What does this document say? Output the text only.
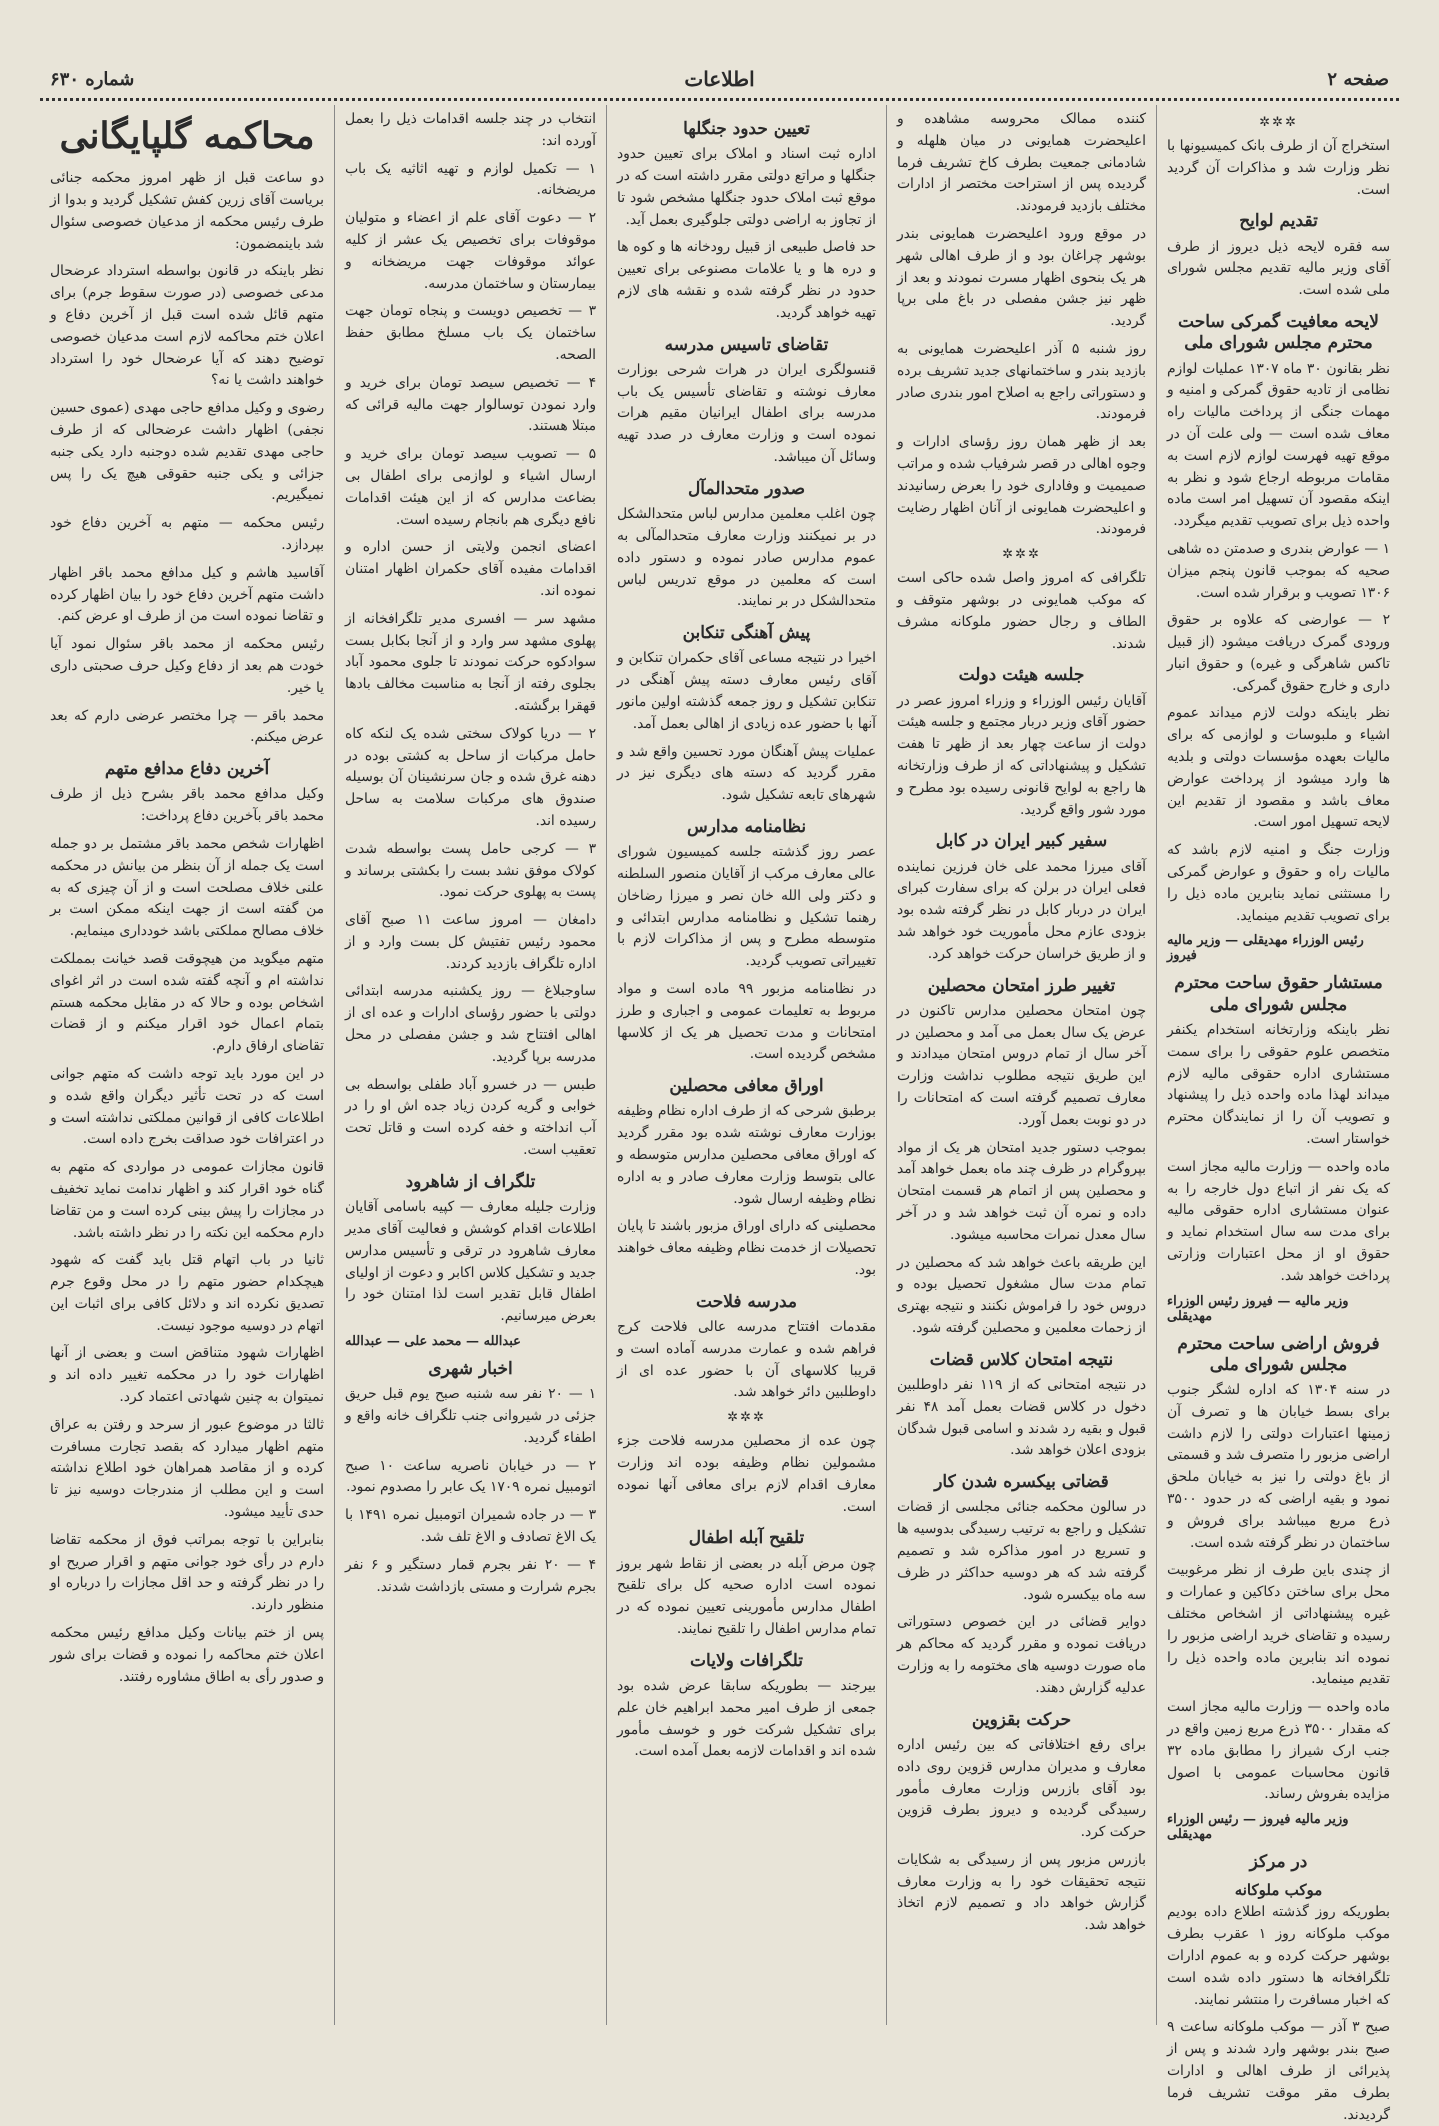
صفحه ۲
اطلاعات
شماره ۶۳۰
✲✲✲

استخراج آن از طرف بانک کمیسیونها با نظر وزارت شد و مذاکرات آن گردید است.

تقدیم لوایح

سه فقره لایحه ذیل دیروز از طرف آقای وزیر مالیه تقدیم مجلس شورای ملی شده است.

لایحه معافیت گمرکی ساحت محترم مجلس شورای ملی

نظر بقانون ۳۰ ماه ۱۳۰۷ عملیات لوازم نظامی از تادیه حقوق گمرکی و امنیه و مهمات جنگی از پرداخت مالیات راه معاف شده است — ولی علت آن در موقع تهیه فهرست لوازم لازم است به مقامات مربوطه ارجاع شود و نظر به اینکه مقصود آن تسهیل امر است ماده واحده ذیل برای تصویب تقدیم میگردد.

۱ — عوارض بندری و صدمتن ده شاهی صحیه که بموجب قانون پنجم میزان ۱۳۰۶ تصویب و برقرار شده است.

۲ — عوارضی که علاوه بر حقوق ورودی گمرک دریافت میشود (از قبیل تاکس شاهرگی و غیره) و حقوق انبار داری و خارج حقوق گمرکی.

نظر باینکه دولت لازم میداند عموم اشیاء و ملبوسات و لوازمی که برای مالیات بعهده مؤسسات دولتی و بلدیه ها وارد میشود از پرداخت عوارض معاف باشد و مقصود از تقدیم این لایحه تسهیل امور است.

وزارت جنگ و امنیه لازم باشد که مالیات راه و حقوق و عوارض گمرکی را مستثنی نماید بنابرین ماده ذیل را برای تصویب تقدیم مینماید.

رئیس الوزراء مهدیقلی — وزیر مالیه فیروز
مستشار حقوق ساحت محترم مجلس شورای ملی

نظر باینکه وزارتخانه استخدام یکنفر متخصص علوم حقوقی را برای سمت مستشاری اداره حقوقی مالیه لازم میداند لهذا ماده واحده ذیل را پیشنهاد و تصویب آن را از نمایندگان محترم خواستار است.

ماده واحده — وزارت مالیه مجاز است که یک نفر از اتباع دول خارجه را به عنوان مستشاری اداره حقوقی مالیه برای مدت سه سال استخدام نماید و حقوق او از محل اعتبارات وزارتی پرداخت خواهد شد.

وزیر مالیه — فیروز رئیس الوزراء مهدیقلی
فروش اراضی ساحت محترم مجلس شورای ملی

در سنه ۱۳۰۴ که اداره لشگر جنوب برای بسط خیابان ها و تصرف آن زمینها اعتبارات دولتی را لازم داشت اراضی مزبور را متصرف شد و قسمتی از باغ دولتی را نیز به خیابان ملحق نمود و بقیه اراضی که در حدود ۳۵۰۰ ذرع مربع میباشد برای فروش و ساختمان در نظر گرفته شده است.

از چندی باین طرف از نظر مرغوبیت محل برای ساختن دکاکین و عمارات و غیره پیشنهاداتی از اشخاص مختلف رسیده و تقاضای خرید اراضی مزبور را نموده اند بنابرین ماده واحده ذیل را تقدیم مینماید.

ماده واحده — وزارت مالیه مجاز است که مقدار ۳۵۰۰ ذرع مربع زمین واقع در جنب ارک شیراز را مطابق ماده ۳۲ قانون محاسبات عمومی با اصول مزایده بفروش رساند.

وزیر مالیه فیروز — رئیس الوزراء مهدیقلی
در مرکز
موکب ملوکانه

بطوریکه روز گذشته اطلاع داده بودیم موکب ملوکانه روز ۱ عقرب بطرف بوشهر حرکت کرده و به عموم ادارات تلگرافخانه ها دستور داده شده است که اخبار مسافرت را منتشر نمایند.

صبح ۳ آذر — موکب ملوکانه ساعت ۹ صبح بندر بوشهر وارد شدند و پس از پذیرائی از طرف اهالی و ادارات بطرف مقر موقت تشریف فرما گردیدند.

کننده ممالک محروسه مشاهده و اعلیحضرت همایونی در میان هلهله و شادمانی جمعیت بطرف کاخ تشریف فرما گردیده پس از استراحت مختصر از ادارات مختلف بازدید فرمودند.

در موقع ورود اعلیحضرت همایونی بندر بوشهر چراغان بود و از طرف اهالی شهر هر یک بنحوی اظهار مسرت نمودند و بعد از ظهر نیز جشن مفصلی در باغ ملی برپا گردید.

روز شنبه ۵ آذر اعلیحضرت همایونی به بازدید بندر و ساختمانهای جدید تشریف برده و دستوراتی راجع به اصلاح امور بندری صادر فرمودند.

بعد از ظهر همان روز رؤسای ادارات و وجوه اهالی در قصر شرفیاب شده و مراتب صمیمیت و وفاداری خود را بعرض رسانیدند و اعلیحضرت همایونی از آنان اظهار رضایت فرمودند.

✲✲✲

تلگرافی که امروز واصل شده حاکی است که موکب همایونی در بوشهر متوقف و الطاف و رجال حضور ملوکانه مشرف شدند.

جلسه هیئت دولت

آقایان رئیس الوزراء و وزراء امروز عصر در حضور آقای وزیر دربار مجتمع و جلسه هیئت دولت از ساعت چهار بعد از ظهر تا هفت تشکیل و پیشنهاداتی که از طرف وزارتخانه ها راجع به لوایح قانونی رسیده بود مطرح و مورد شور واقع گردید.

سفیر کبیر ایران در کابل

آقای میرزا محمد علی خان فرزین نماینده فعلی ایران در برلن که برای سفارت کبرای ایران در دربار کابل در نظر گرفته شده بود بزودی عازم محل مأموریت خود خواهد شد و از طریق خراسان حرکت خواهد کرد.

تغییر طرز امتحان محصلین

چون امتحان محصلین مدارس تاکنون در عرض یک سال بعمل می آمد و محصلین در آخر سال از تمام دروس امتحان میدادند و این طریق نتیجه مطلوب نداشت وزارت معارف تصمیم گرفته است که امتحانات را در دو نوبت بعمل آورد.

بموجب دستور جدید امتحان هر یک از مواد بپروگرام در ظرف چند ماه بعمل خواهد آمد و محصلین پس از اتمام هر قسمت امتحان داده و نمره آن ثبت خواهد شد و در آخر سال معدل نمرات محاسبه میشود.

این طریقه باعث خواهد شد که محصلین در تمام مدت سال مشغول تحصیل بوده و دروس خود را فراموش نکنند و نتیجه بهتری از زحمات معلمین و محصلین گرفته شود.

نتیجه امتحان کلاس قضات

در نتیجه امتحانی که از ۱۱۹ نفر داوطلبین دخول در کلاس قضات بعمل آمد ۴۸ نفر قبول و بقیه رد شدند و اسامی قبول شدگان بزودی اعلان خواهد شد.

قضاتی بیکسره شدن کار

در سالون محکمه جنائی مجلسی از قضات تشکیل و راجع به ترتیب رسیدگی بدوسیه ها و تسریع در امور مذاکره شد و تصمیم گرفته شد که هر دوسیه حداکثر در ظرف سه ماه بیکسره شود.

دوایر قضائی در این خصوص دستوراتی دریافت نموده و مقرر گردید که محاکم هر ماه صورت دوسیه های مختومه را به وزارت عدلیه گزارش دهند.

حرکت بقزوین

برای رفع اختلافاتی که بین رئیس اداره معارف و مدیران مدارس قزوین روی داده بود آقای بازرس وزارت معارف مأمور رسیدگی گردیده و دیروز بطرف قزوین حرکت کرد.

بازرس مزبور پس از رسیدگی به شکایات نتیجه تحقیقات خود را به وزارت معارف گزارش خواهد داد و تصمیم لازم اتخاذ خواهد شد.

تعیین حدود جنگلها

اداره ثبت اسناد و املاک برای تعیین حدود جنگلها و مراتع دولتی مقرر داشته است که در موقع ثبت املاک حدود جنگلها مشخص شود تا از تجاوز به اراضی دولتی جلوگیری بعمل آید.

حد فاصل طبیعی از قبیل رودخانه ها و کوه ها و دره ها و یا علامات مصنوعی برای تعیین حدود در نظر گرفته شده و نقشه های لازم تهیه خواهد گردید.

تقاضای تاسیس مدرسه

قنسولگری ایران در هرات شرحی بوزارت معارف نوشته و تقاضای تأسیس یک باب مدرسه برای اطفال ایرانیان مقیم هرات نموده است و وزارت معارف در صدد تهیه وسائل آن میباشد.

صدور متحدالمآل

چون اغلب معلمین مدارس لباس متحدالشکل در بر نمیکنند وزارت معارف متحدالمآلی به عموم مدارس صادر نموده و دستور داده است که معلمین در موقع تدریس لباس متحدالشکل در بر نمایند.

پیش آهنگی تنکابن

اخیرا در نتیجه مساعی آقای حکمران تنکابن و آقای رئیس معارف دسته پیش آهنگی در تنکابن تشکیل و روز جمعه گذشته اولین مانور آنها با حضور عده زیادی از اهالی بعمل آمد.

عملیات پیش آهنگان مورد تحسین واقع شد و مقرر گردید که دسته های دیگری نیز در شهرهای تابعه تشکیل شود.

نظامنامه مدارس

عصر روز گذشته جلسه کمیسیون شورای عالی معارف مرکب از آقایان منصور السلطنه و دکتر ولی الله خان نصر و میرزا رضاخان رهنما تشکیل و نظامنامه مدارس ابتدائی و متوسطه مطرح و پس از مذاکرات لازم با تغییراتی تصویب گردید.

در نظامنامه مزبور ۹۹ ماده است و مواد مربوط به تعلیمات عمومی و اجباری و طرز امتحانات و مدت تحصیل هر یک از کلاسها مشخص گردیده است.

اوراق معافی محصلین

برطبق شرحی که از طرف اداره نظام وظیفه بوزارت معارف نوشته شده بود مقرر گردید که اوراق معافی محصلین مدارس متوسطه و عالی بتوسط وزارت معارف صادر و به اداره نظام وظیفه ارسال شود.

محصلینی که دارای اوراق مزبور باشند تا پایان تحصیلات از خدمت نظام وظیفه معاف خواهند بود.

مدرسه فلاحت

مقدمات افتتاح مدرسه عالی فلاحت کرج فراهم شده و عمارت مدرسه آماده است و قریبا کلاسهای آن با حضور عده ای از داوطلبین دائر خواهد شد.

✲✲✲

چون عده از محصلین مدرسه فلاحت جزء مشمولین نظام وظیفه بوده اند وزارت معارف اقدام لازم برای معافی آنها نموده است.

تلقیح آبله اطفال

چون مرض آبله در بعضی از نقاط شهر بروز نموده است اداره صحیه کل برای تلقیح اطفال مدارس مأمورینی تعیین نموده که در تمام مدارس اطفال را تلقیح نمایند.

تلگرافات ولایات

بیرجند — بطوریکه سابقا عرض شده بود جمعی از طرف امیر محمد ابراهیم خان علم برای تشکیل شرکت خور و خوسف مأمور شده اند و اقدامات لازمه بعمل آمده است.

انتخاب در چند جلسه اقدامات ذیل را بعمل آورده اند:

۱ — تکمیل لوازم و تهیه اثاثیه یک باب مریضخانه.

۲ — دعوت آقای علم از اعضاء و متولیان موقوفات برای تخصیص یک عشر از کلیه عوائد موقوفات جهت مریضخانه و بیمارستان و ساختمان مدرسه.

۳ — تخصیص دویست و پنجاه تومان جهت ساختمان یک باب مسلخ مطابق حفظ الصحه.

۴ — تخصیص سیصد تومان برای خرید و وارد نمودن توسالوار جهت مالیه قرائی که مبتلا هستند.

۵ — تصویب سیصد تومان برای خرید و ارسال اشیاء و لوازمی برای اطفال بی بضاعت مدارس که از این هیئت اقدامات نافع دیگری هم بانجام رسیده است.

اعضای انجمن ولایتی از حسن اداره و اقدامات مفیده آقای حکمران اظهار امتنان نموده اند.

مشهد سر — افسری مدیر تلگرافخانه از پهلوی مشهد سر وارد و از آنجا بکابل بست سوادکوه حرکت نمودند تا جلوی محمود آباد بجلوی رفته از آنجا به مناسبت مخالف بادها قهقرا برگشته.

۲ — دریا کولاک سختی شده یک لنکه کاه حامل مرکبات از ساحل به کشتی بوده در دهنه غرق شده و جان سرنشینان آن بوسیله صندوق های مرکبات سلامت به ساحل رسیده اند.

۳ — کرجی حامل پست بواسطه شدت کولاک موفق نشد بست را بکشتی برساند و پست به پهلوی حرکت نمود.

دامغان — امروز ساعت ۱۱ صبح آقای محمود رئیس تفتیش کل بست وارد و از اداره تلگراف بازدید کردند.

ساوجبلاغ — روز یکشنبه مدرسه ابتدائی دولتی با حضور رؤسای ادارات و عده ای از اهالی افتتاح شد و جشن مفصلی در محل مدرسه برپا گردید.

طبس — در خسرو آباد طفلی بواسطه بی خوابی و گریه کردن زیاد جده اش او را در آب انداخته و خفه کرده است و قاتل تحت تعقیب است.

تلگراف از شاهرود

وزارت جلیله معارف — کپیه باسامی آقایان اطلاعات اقدام کوشش و فعالیت آقای مدیر معارف شاهرود در ترقی و تأسیس مدارس جدید و تشکیل کلاس اکابر و دعوت از اولیای اطفال قابل تقدیر است لذا امتنان خود را بعرض میرسانیم.

عبدالله — محمد علی — عبدالله
اخبار شهری

۱ — ۲۰ نفر سه شنبه صبح یوم قبل حریق جزئی در شیروانی جنب تلگراف خانه واقع و اطفاء گردید.

۲ — در خیابان ناصریه ساعت ۱۰ صبح اتومبیل نمره ۱۷۰۹ یک عابر را مصدوم نمود.

۳ — در جاده شمیران اتومبیل نمره ۱۴۹۱ با یک الاغ تصادف و الاغ تلف شد.

۴ — ۲۰ نفر بجرم قمار دستگیر و ۶ نفر بجرم شرارت و مستی بازداشت شدند.

محاکمه گلپایگانی

دو ساعت قبل از ظهر امروز محکمه جنائی بریاست آقای زرین کفش تشکیل گردید و بدوا از طرف رئیس محکمه از مدعیان خصوصی سئوال شد باینمضمون:

نظر باینکه در قانون بواسطه استرداد عرضحال مدعی خصوصی (در صورت سقوط جرم) برای متهم قائل شده است قبل از آخرین دفاع و اعلان ختم محاکمه لازم است مدعیان خصوصی توضیح دهند که آیا عرضحال خود را استرداد خواهند داشت یا نه؟

رضوی و وکیل مدافع حاجی مهدی (عموی حسین نجفی) اظهار داشت عرضحالی که از طرف حاجی مهدی تقدیم شده دوجنبه دارد یکی جنبه جزائی و یکی جنبه حقوقی هیچ یک را پس نمیگیریم.

رئیس محکمه — متهم به آخرین دفاع خود بپردازد.

آقاسید هاشم و کیل مدافع محمد باقر اظهار داشت متهم آخرین دفاع خود را بیان اظهار کرده و تقاضا نموده است من از طرف او عرض کنم.

رئیس محکمه از محمد باقر سئوال نمود آیا خودت هم بعد از دفاع وکیل حرف صحبتی داری یا خیر.

محمد باقر — چرا مختصر عرضی دارم که بعد عرض میکنم.

آخرین دفاع مدافع متهم

وکیل مدافع محمد باقر بشرح ذیل از طرف محمد باقر بآخرین دفاع پرداخت:

اظهارات شخص محمد باقر مشتمل بر دو جمله است یک جمله از آن بنظر من بیانش در محکمه علنی خلاف مصلحت است و از آن چیزی که به من گفته است از جهت اینکه ممکن است بر خلاف مصالح مملکتی باشد خودداری مینمایم.

متهم میگوید من هیچوقت قصد خیانت بمملکت نداشته ام و آنچه گفته شده است در اثر اغوای اشخاص بوده و حالا که در مقابل محکمه هستم بتمام اعمال خود اقرار میکنم و از قضات تقاضای ارفاق دارم.

در این مورد باید توجه داشت که متهم جوانی است که در تحت تأثیر دیگران واقع شده و اطلاعات کافی از قوانین مملکتی نداشته است و در اعترافات خود صداقت بخرج داده است.

قانون مجازات عمومی در مواردی که متهم به گناه خود اقرار کند و اظهار ندامت نماید تخفیف در مجازات را پیش بینی کرده است و من تقاضا دارم محکمه این نکته را در نظر داشته باشد.

ثانیا در باب اتهام قتل باید گفت که شهود هیچکدام حضور متهم را در محل وقوع جرم تصدیق نکرده اند و دلائل کافی برای اثبات این اتهام در دوسیه موجود نیست.

اظهارات شهود متناقض است و بعضی از آنها اظهارات خود را در محکمه تغییر داده اند و نمیتوان به چنین شهادتی اعتماد کرد.

ثالثا در موضوع عبور از سرحد و رفتن به عراق متهم اظهار میدارد که بقصد تجارت مسافرت کرده و از مقاصد همراهان خود اطلاع نداشته است و این مطلب از مندرجات دوسیه نیز تا حدی تأیید میشود.

بنابراین با توجه بمراتب فوق از محکمه تقاضا دارم در رأی خود جوانی متهم و اقرار صریح او را در نظر گرفته و حد اقل مجازات را درباره او منظور دارند.

پس از ختم بیانات وکیل مدافع رئیس محکمه اعلان ختم محاکمه را نموده و قضات برای شور و صدور رأی به اطاق مشاوره رفتند.
